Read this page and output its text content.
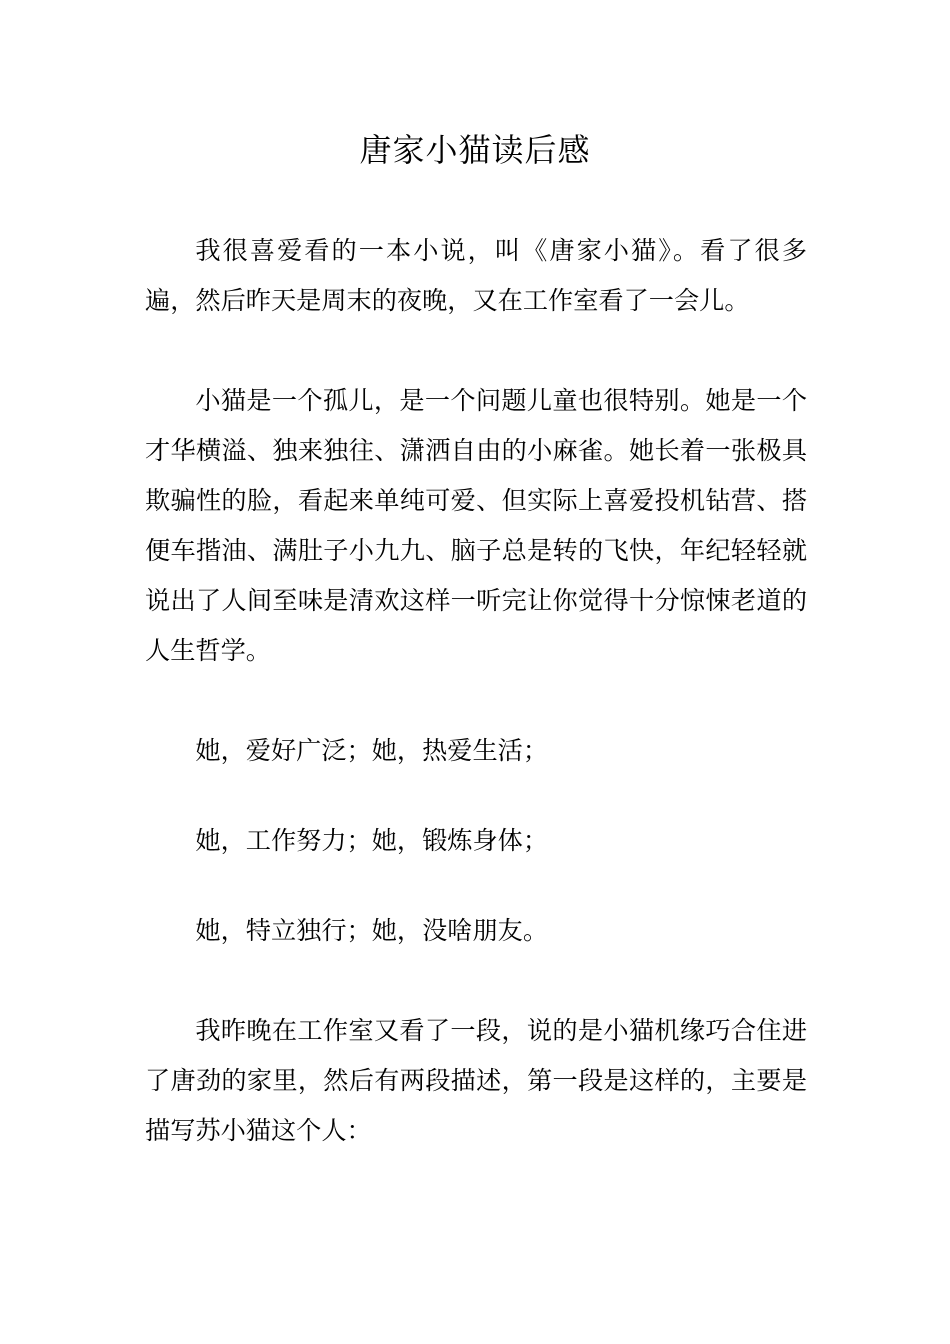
唐家小猫读后感

我很喜爱看的一本小说，叫《唐家小猫》。看了很多遍，然后昨天是周末的夜晚，又在工作室看了一会儿。

小猫是一个孤儿，是一个问题儿童也很特别。她是一个才华横溢、独来独往、潇洒自由的小麻雀。她长着一张极具欺骗性的脸，看起来单纯可爱、但实际上喜爱投机钻营、搭便车揩油、满肚子小九九、脑子总是转的飞快，年纪轻轻就说出了人间至味是清欢这样一听完让你觉得十分惊悚老道的人生哲学。

她，爱好广泛；她，热爱生活；

她，工作努力；她，锻炼身体；

她，特立独行；她，没啥朋友。

我昨晚在工作室又看了一段，说的是小猫机缘巧合住进了唐劲的家里，然后有两段描述，第一段是这样的，主要是描写苏小猫这个人：
